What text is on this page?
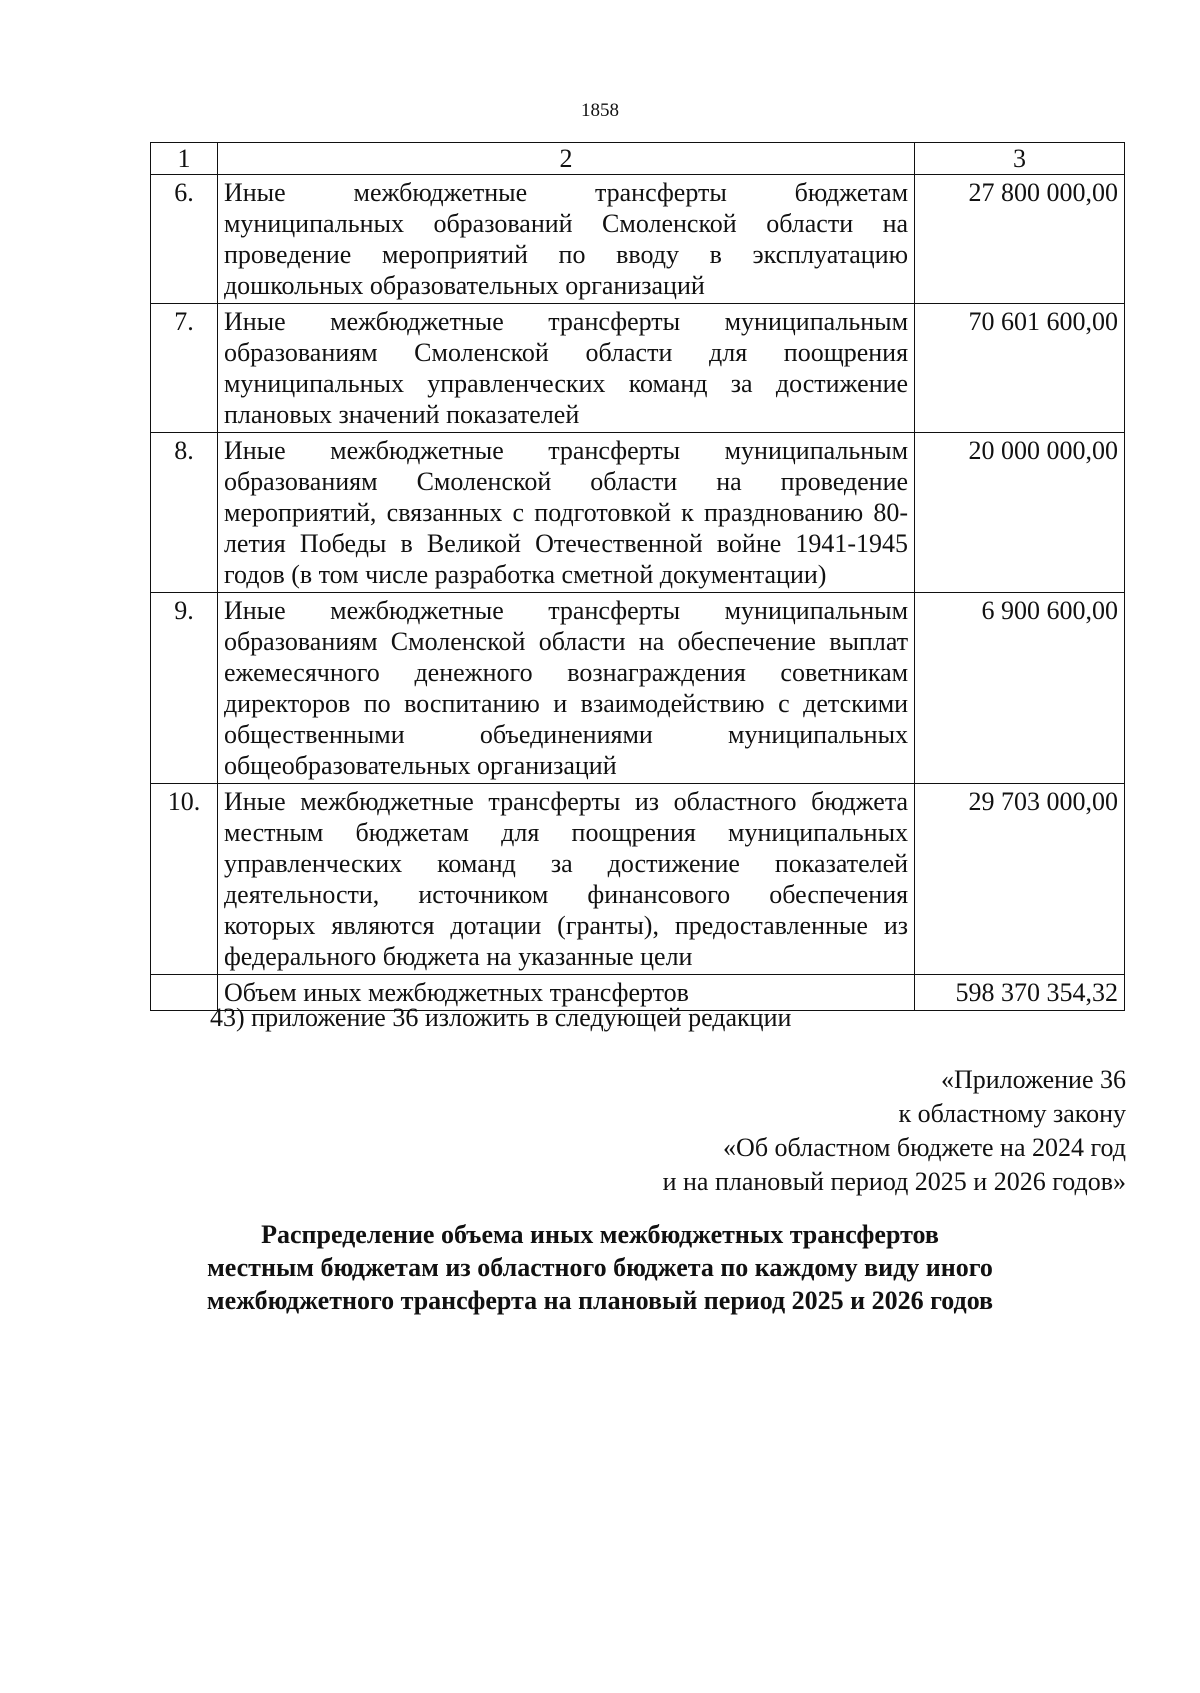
1858
1	2	3
6.	Иные межбюджетные трансферты бюджетам муниципальных образований Смоленской области на проведение мероприятий по вводу в эксплуатацию дошкольных образовательных организаций	27 800 000,00
7.	Иные межбюджетные трансферты муниципальным образованиям Смоленской области для поощрения муниципальных управленческих команд за достижение плановых значений показателей	70 601 600,00
8.	Иные межбюджетные трансферты муниципальным образованиям Смоленской области на проведение мероприятий, связанных с подготовкой к празднованию 80-летия Победы в Великой Отечественной войне 1941-1945 годов (в том числе разработка сметной документации)	20 000 000,00
9.	Иные межбюджетные трансферты муниципальным образованиям Смоленской области на обеспечение выплат ежемесячного денежного вознаграждения советникам директоров по воспитанию и взаимодействию с детскими общественными объединениями муниципальных общеобразовательных организаций	6 900 600,00
10.	Иные межбюджетные трансферты из областного бюджета местным бюджетам для поощрения муниципальных управленческих команд за достижение показателей деятельности, источником финансового обеспечения которых являются дотации (гранты), предоставленные из федерального бюджета на указанные цели	29 703 000,00
	Объем иных межбюджетных трансфертов	598 370 354,32
43) приложение 36 изложить в следующей редакции
«Приложение 36
к областному закону
«Об областном бюджете на 2024 год
и на плановый период 2025 и 2026 годов»
Распределение объема иных межбюджетных трансфертов
местным бюджетам из областного бюджета по каждому виду иного
межбюджетного трансферта на плановый период 2025 и 2026 годов
